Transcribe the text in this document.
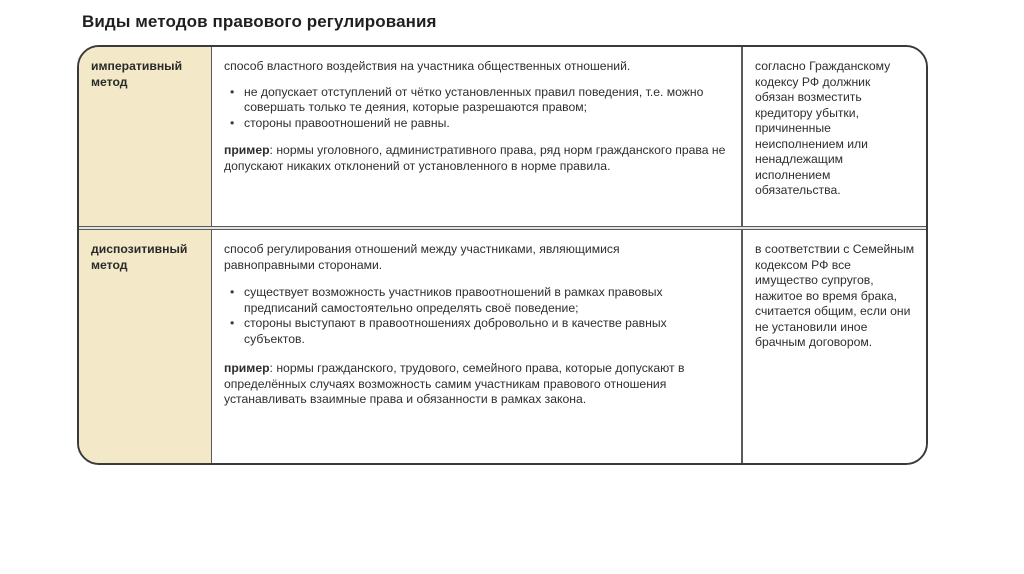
Виды методов правового регулирования
императивный метод

способ властного воздействия на участника общественных отношений.

• не допускает отступлений от чётко установленных правил поведения, т.е. можно совершать только те деяния, которые разрешаются правом;
• стороны правоотношений не равны.

пример: нормы уголовного, административного права, ряд норм гражданского права не допускают никаких отклонений от установленного в норме правила.

согласно Гражданскому кодексу РФ должник обязан возместить кредитору убытки, причиненные неисполнением или ненадлежащим исполнением обязательства.

диспозитивный метод

способ регулирования отношений между участниками, являющимися равноправными сторонами.

• существует возможность участников правоотношений в рамках правовых предписаний самостоятельно определять своё поведение;
• стороны выступают в правоотношениях добровольно и в качестве равных субъектов.

пример: нормы гражданского, трудового, семейного права, которые допускают в определённых случаях возможность самим участникам правового отношения устанавливать взаимные права и обязанности в рамках закона.

в соответствии с Семейным кодексом РФ все имущество супругов, нажитое во время брака, считается общим, если они не установили иное брачным договором.
